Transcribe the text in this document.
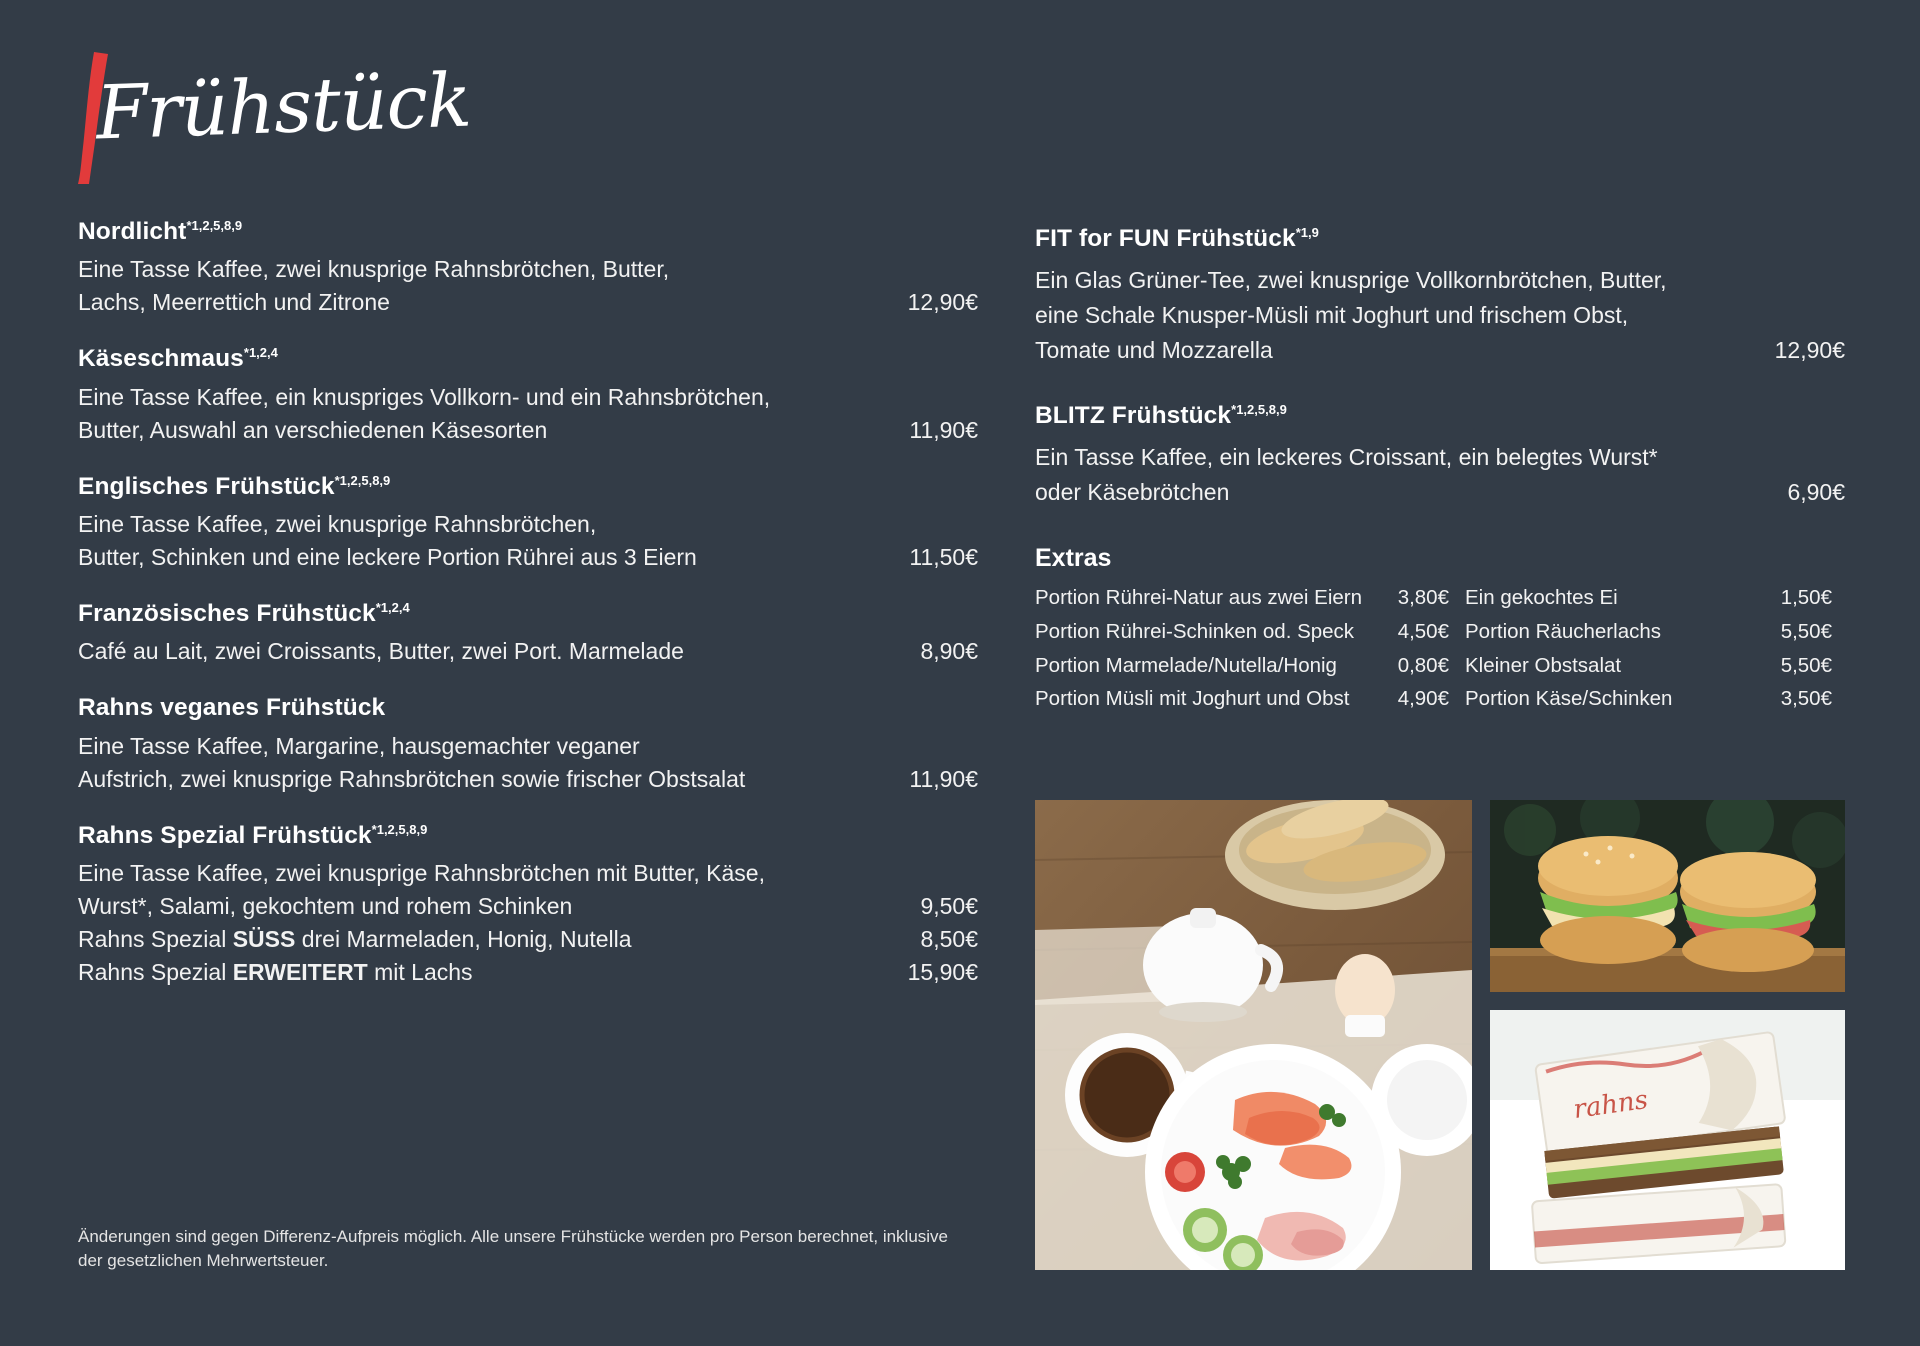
Frühstück
Nordlicht$^{*1,2,5,8,9}$
Eine Tasse Kaffee, zwei knusprige Rahnsbrötchen, Butter,
Lachs, Meerrettich und Zitrone	12,90€
Käseschmaus$^{*1,2,4}$
Eine Tasse Kaffee, ein knuspriges Vollkorn- und ein Rahnsbrötchen,
Butter, Auswahl an verschiedenen Käsesorten	11,90€
Englisches Frühstück$^{*1,2,5,8,9}$
Eine Tasse Kaffee, zwei knusprige Rahnsbrötchen,
Butter, Schinken und eine leckere Portion Rührei aus 3 Eiern	11,50€
Französisches Frühstück$^{*1,2,4}$
Café au Lait, zwei Croissants, Butter, zwei Port. Marmelade	8,90€
Rahns veganes Frühstück
Eine Tasse Kaffee, Margarine, hausgemachter veganer
Aufstrich, zwei knusprige Rahnsbrötchen sowie frischer Obstsalat	11,90€
Rahns Spezial Frühstück$^{*1,2,5,8,9}$
Eine Tasse Kaffee, zwei knusprige Rahnsbrötchen mit Butter, Käse,
Wurst*, Salami, gekochtem und rohem Schinken	9,50€
Rahns Spezial SÜSS drei Marmeladen, Honig, Nutella	8,50€
Rahns Spezial ERWEITERT mit Lachs	15,90€
FIT for FUN Frühstück$^{*1,9}$
Ein Glas Grüner-Tee, zwei knusprige Vollkornbrötchen, Butter,
eine Schale Knusper-Müsli mit Joghurt und frischem Obst,
Tomate und Mozzarella	12,90€
BLITZ Frühstück$^{*1,2,5,8,9}$
Ein Tasse Kaffee, ein leckeres Croissant, ein belegtes Wurst*
oder Käsebrötchen	6,90€
Extras
Portion Rührei-Natur aus zwei Eiern	3,80€ Ein gekochtes Ei	1,50€
Portion Rührei-Schinken od. Speck	4,50€ Portion Räucherlachs	5,50€
Portion Marmelade/Nutella/Honig	0,80€ Kleiner Obstsalat	5,50€
Portion Müsli mit Joghurt und Obst	4,90€ Portion Käse/Schinken	3,50€
rahns
Änderungen sind gegen Differenz-Aufpreis möglich. Alle unsere Frühstücke werden pro Person berechnet, inklusive der gesetzlichen Mehrwertsteuer.
